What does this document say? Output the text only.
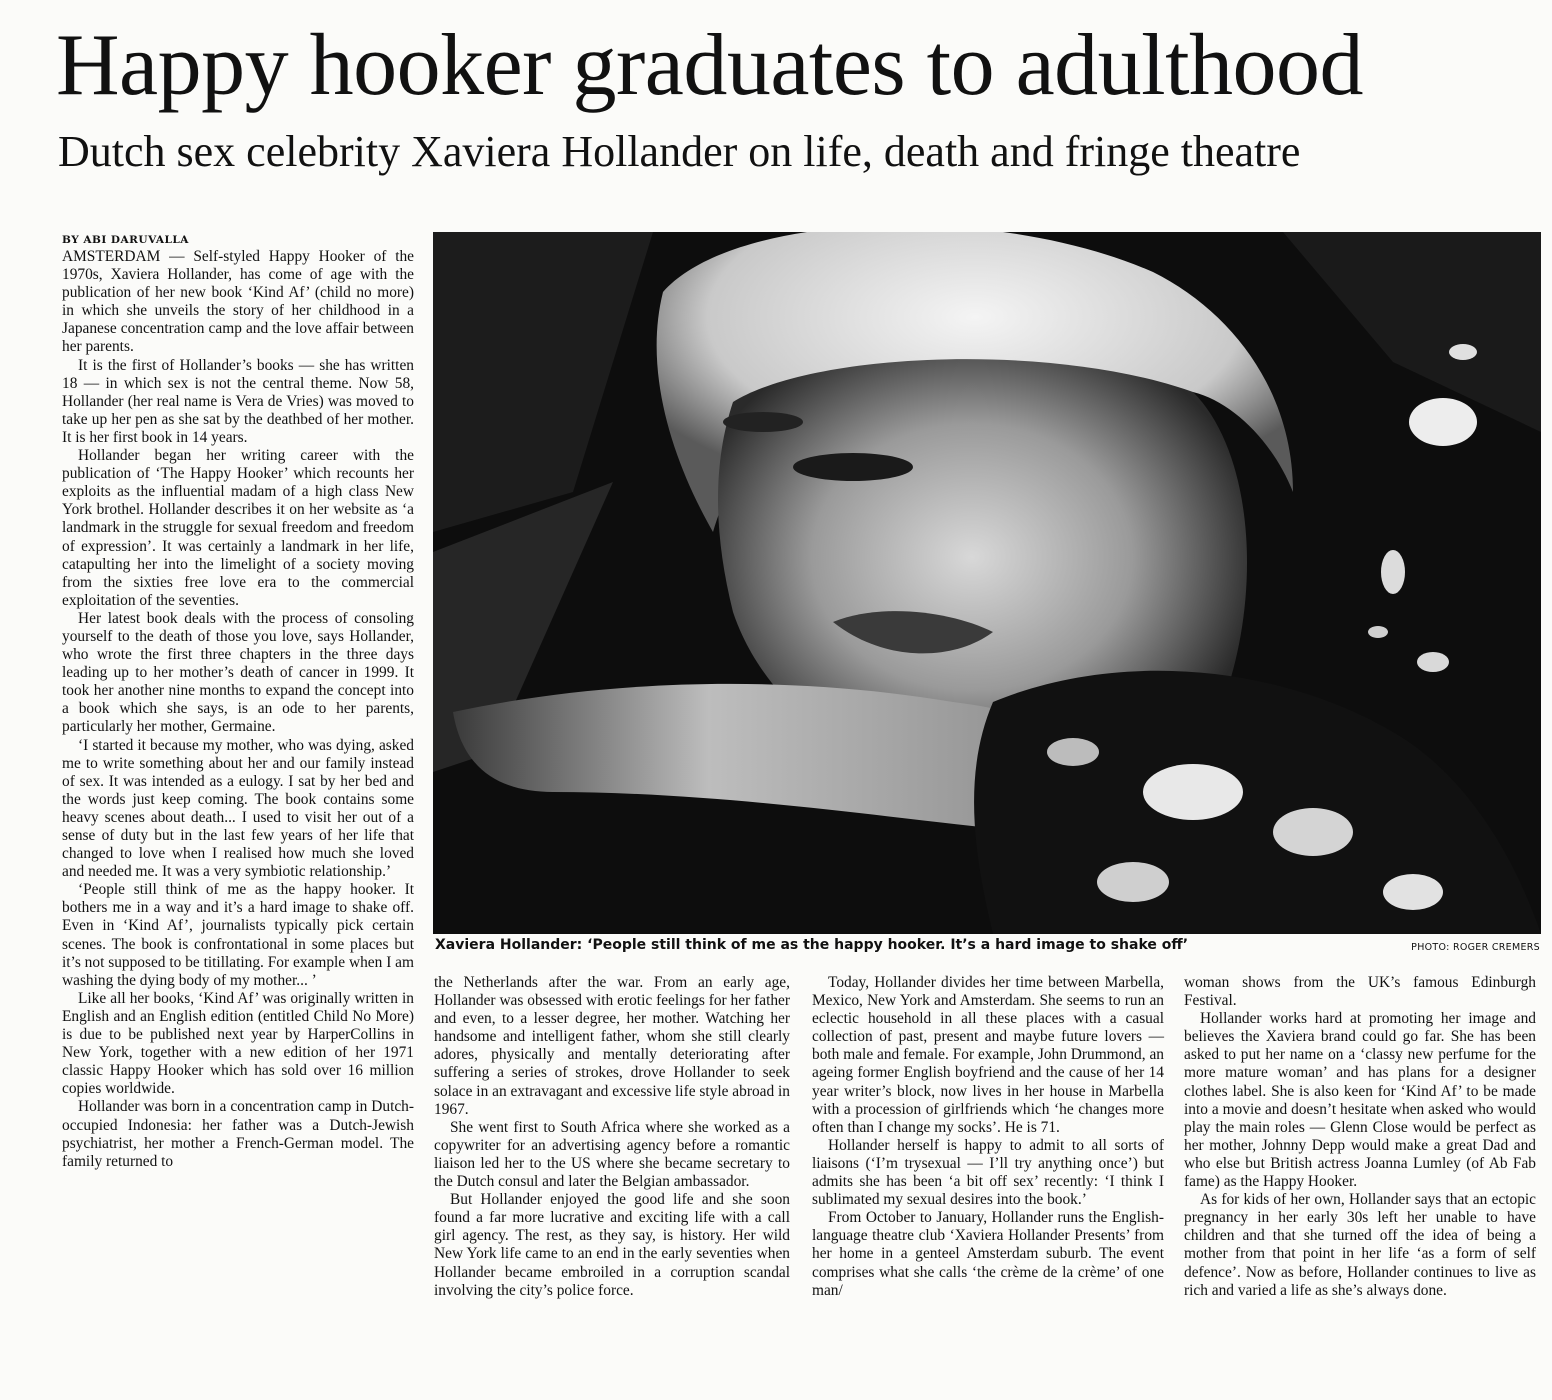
Happy hooker graduates to adulthood
Dutch sex celebrity Xaviera Hollander on life, death and fringe theatre

BY ABI DARUVALLA

AMSTERDAM — Self-styled Happy Hooker of the 1970s, Xaviera Hollander, has come of age with the publication of her new book ‘Kind Af’ (child no more) in which she unveils the story of her childhood in a Japanese concentration camp and the love affair between her parents.

It is the first of Hollander’s books — she has written 18 — in which sex is not the central theme. Now 58, Hollander (her real name is Vera de Vries) was moved to take up her pen as she sat by the deathbed of her mother. It is her first book in 14 years.

Hollander began her writing career with the publication of ‘The Happy Hooker’ which recounts her exploits as the influential madam of a high class New York brothel. Hollander describes it on her website as ‘a landmark in the struggle for sexual freedom and freedom of expression’. It was certainly a landmark in her life, catapulting her into the limelight of a society moving from the sixties free love era to the commercial exploitation of the seventies.

Her latest book deals with the process of consoling yourself to the death of those you love, says Hollander, who wrote the first three chapters in the three days leading up to her mother’s death of cancer in 1999. It took her another nine months to expand the concept into a book which she says, is an ode to her parents, particularly her mother, Germaine.

‘I started it because my mother, who was dying, asked me to write something about her and our family instead of sex. It was intended as a eulogy. I sat by her bed and the words just keep coming. The book contains some heavy scenes about death... I used to visit her out of a sense of duty but in the last few years of her life that changed to love when I realised how much she loved and needed me. It was a very symbiotic relationship.’

‘People still think of me as the happy hooker. It bothers me in a way and it’s a hard image to shake off. Even in ‘Kind Af’, journalists typically pick certain scenes. The book is confrontational in some places but it’s not supposed to be titillating. For example when I am washing the dying body of my mother... ’

Like all her books, ‘Kind Af’ was originally written in English and an English edition (entitled Child No More) is due to be published next year by HarperCollins in New York, together with a new edition of her 1971 classic Happy Hooker which has sold over 16 million copies worldwide.

Hollander was born in a concentration camp in Dutch-occupied Indonesia: her father was a Dutch-Jewish psychiatrist, her mother a French-German model. The family returned to

Xaviera Hollander: ‘People still think of me as the happy hooker. It’s a hard image to shake off’	PHOTO: ROGER CREMERS

the Netherlands after the war. From an early age, Hollander was obsessed with erotic feelings for her father and even, to a lesser degree, her mother. Watching her handsome and intelligent father, whom she still clearly adores, physically and mentally deteriorating after suffering a series of strokes, drove Hollander to seek solace in an extravagant and excessive life style abroad in 1967.

She went first to South Africa where she worked as a copywriter for an advertising agency before a romantic liaison led her to the US where she became secretary to the Dutch consul and later the Belgian ambassador.

But Hollander enjoyed the good life and she soon found a far more lucrative and exciting life with a call girl agency. The rest, as they say, is history. Her wild New York life came to an end in the early seventies when Hollander became embroiled in a corruption scandal involving the city’s police force.

Today, Hollander divides her time between Marbella, Mexico, New York and Amsterdam. She seems to run an eclectic household in all these places with a casual collection of past, present and maybe future lovers — both male and female. For example, John Drummond, an ageing former English boyfriend and the cause of her 14 year writer’s block, now lives in her house in Marbella with a procession of girlfriends which ‘he changes more often than I change my socks’. He is 71.

Hollander herself is happy to admit to all sorts of liaisons (‘I’m trysexual — I’ll try anything once’) but admits she has been ‘a bit off sex’ recently: ‘I think I sublimated my sexual desires into the book.’

From October to January, Hollander runs the English-language theatre club ‘Xaviera Hollander Presents’ from her home in a genteel Amsterdam suburb. The event comprises what she calls ‘the crème de la crème’ of one man/

woman shows from the UK’s famous Edinburgh Festival.

Hollander works hard at promoting her image and believes the Xaviera brand could go far. She has been asked to put her name on a ‘classy new perfume for the more mature woman’ and has plans for a designer clothes label. She is also keen for ‘Kind Af’ to be made into a movie and doesn’t hesitate when asked who would play the main roles — Glenn Close would be perfect as her mother, Johnny Depp would make a great Dad and who else but British actress Joanna Lumley (of Ab Fab fame) as the Happy Hooker.

As for kids of her own, Hollander says that an ectopic pregnancy in her early 30s left her unable to have children and that she turned off the idea of being a mother from that point in her life ‘as a form of self defence’. Now as before, Hollander continues to live as rich and varied a life as she’s always done.
